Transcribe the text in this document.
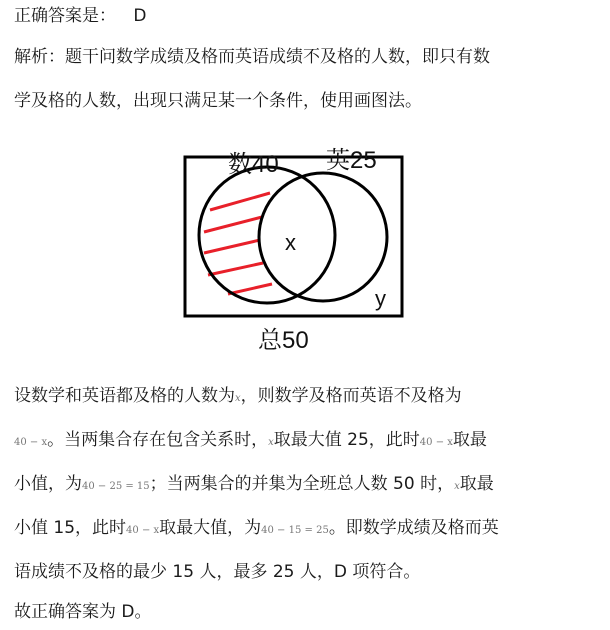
正确答案是： D
解析：题干问数学成绩及格而英语成绩不及格的人数，即只有数
学及格的人数，出现只满足某一个条件，使用画图法。
数40 英25
x
y
总50
设数学和英语都及格的人数为x，则数学及格而英语不及格为
40 − x。当两集合存在包含关系时，x取最大值 25，此时40 − x取最
小值，为40 − 25 = 15；当两集合的并集为全班总人数 50 时，x取最
小值 15，此时40 − x取最大值，为40 − 15 = 25。即数学成绩及格而英
语成绩不及格的最少 15 人，最多 25 人，D 项符合。
故正确答案为 D。
